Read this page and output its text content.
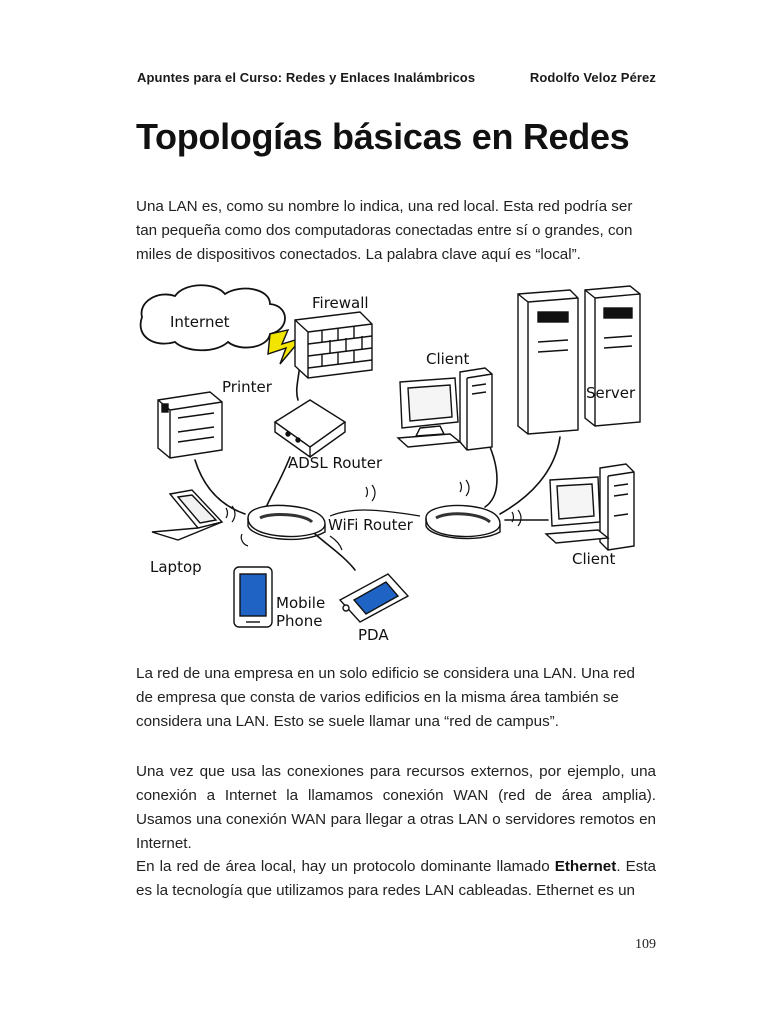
Apuntes para el Curso: Redes y Enlaces Inalámbricos	Rodolfo Veloz Pérez
Topologías básicas en Redes

Una LAN es, como su nombre lo indica, una red local. Esta red podría ser tan pequeña como dos computadoras conectadas entre sí o grandes, con miles de dispositivos conectados. La palabra clave aquí es “local”.

Internet
Firewall
Printer
ADSL Router
Client
Server
Laptop
WiFi Router
Client
Mobile
Phone
PDA

La red de una empresa en un solo edificio se considera una LAN. Una red de empresa que consta de varios edificios en la misma área también se considera una LAN. Esto se suele llamar una “red de campus”.

Una vez que usa las conexiones para recursos externos, por ejemplo, una conexión a Internet la llamamos conexión WAN (red de área amplia). Usamos una conexión WAN para llegar a otras LAN o servidores remotos en Internet.

En la red de área local, hay un protocolo dominante llamado Ethernet. Esta es la tecnología que utilizamos para redes LAN cableadas. Ethernet es un

109
